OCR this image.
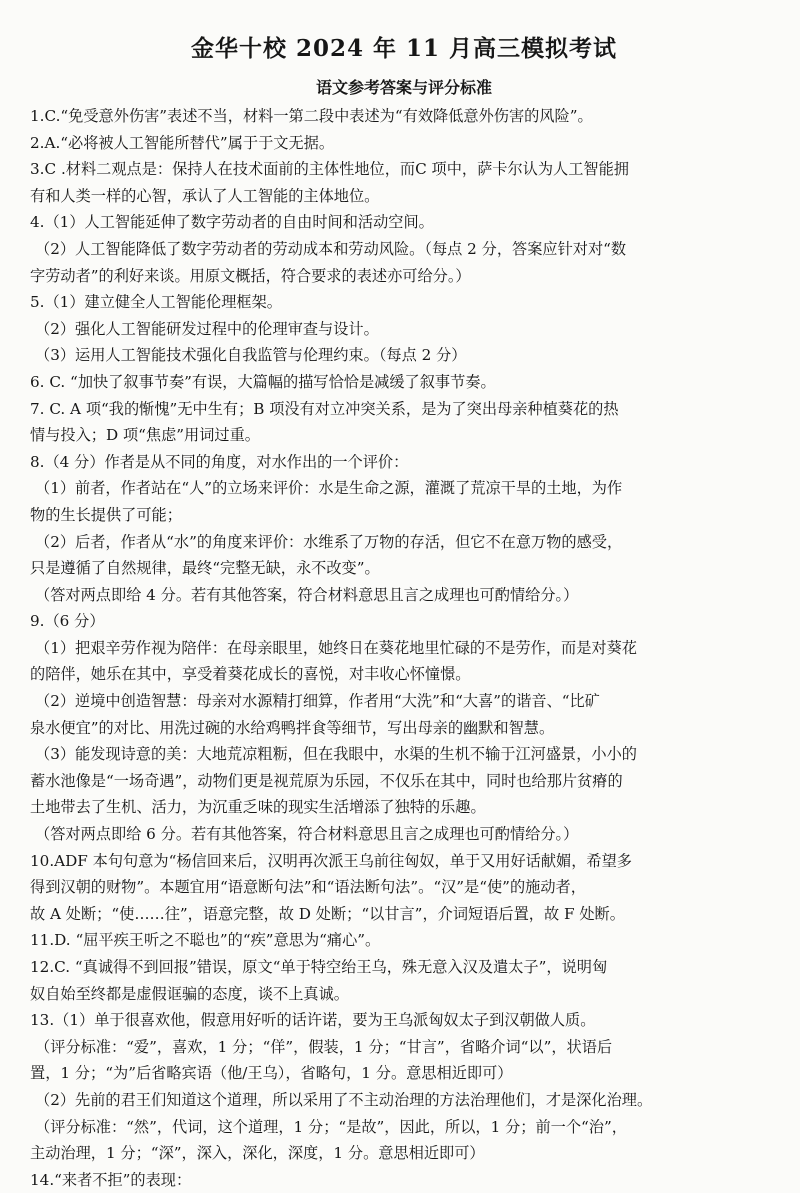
金华十校 2024 年 11 月高三模拟考试
语文参考答案与评分标准
1.C.“免受意外伤害”表述不当，材料一第二段中表述为“有效降低意外伤害的风险”。
2.A.“必将被人工智能所替代”属于于文无据。
3.C .材料二观点是：保持人在技术面前的主体性地位，而C 项中，萨卡尔认为人工智能拥
有和人类一样的心智，承认了人工智能的主体地位。
4.（1）人工智能延伸了数字劳动者的自由时间和活动空间。
（2）人工智能降低了数字劳动者的劳动成本和劳动风险。（每点 2 分，答案应针对对“数
字劳动者”的利好来谈。用原文概括，符合要求的表述亦可给分。）
5.（1）建立健全人工智能伦理框架。
（2）强化人工智能研发过程中的伦理审查与设计。
（3）运用人工智能技术强化自我监管与伦理约束。（每点 2 分）
6. C. “加快了叙事节奏”有误，大篇幅的描写恰恰是减缓了叙事节奏。
7. C. A 项“我的惭愧”无中生有；B 项没有对立冲突关系，是为了突出母亲种植葵花的热
情与投入；D 项“焦虑”用词过重。
8.（4 分）作者是从不同的角度，对水作出的一个评价：
（1）前者，作者站在“人”的立场来评价：水是生命之源，灌溉了荒凉干旱的土地，为作
物的生长提供了可能；
（2）后者，作者从“水”的角度来评价：水维系了万物的存活，但它不在意万物的感受，
只是遵循了自然规律，最终“完整无缺，永不改变”。
（答对两点即给 4 分。若有其他答案，符合材料意思且言之成理也可酌情给分。）
9.（6 分）
（1）把艰辛劳作视为陪伴：在母亲眼里，她终日在葵花地里忙碌的不是劳作，而是对葵花
的陪伴，她乐在其中，享受着葵花成长的喜悦，对丰收心怀憧憬。
（2）逆境中创造智慧：母亲对水源精打细算，作者用“大洗”和“大喜”的谐音、“比矿
泉水便宜”的对比、用洗过碗的水给鸡鸭拌食等细节，写出母亲的幽默和智慧。
（3）能发现诗意的美：大地荒凉粗粝，但在我眼中，水渠的生机不输于江河盛景，小小的
蓄水池像是“一场奇遇”，动物们更是视荒原为乐园，不仅乐在其中，同时也给那片贫瘠的
土地带去了生机、活力，为沉重乏味的现实生活增添了独特的乐趣。
（答对两点即给 6 分。若有其他答案，符合材料意思且言之成理也可酌情给分。）
10.ADF 本句句意为“杨信回来后，汉明再次派王乌前往匈奴，单于又用好话献媚，希望多
得到汉朝的财物”。本题宜用“语意断句法”和“语法断句法”。“汉”是“使”的施动者，
故 A 处断；“使……往”，语意完整，故 D 处断；“以甘言”，介词短语后置，故 F 处断。
11.D. “屈平疾王听之不聪也”的“疾”意思为“痛心”。
12.C. “真诚得不到回报”错误，原文“单于特空绐王乌，殊无意入汉及遣太子”，说明匈
奴自始至终都是虚假诓骗的态度，谈不上真诚。
13.（1）单于很喜欢他，假意用好听的话许诺，要为王乌派匈奴太子到汉朝做人质。
（评分标准：“爱”，喜欢，1 分；“佯”，假装，1 分；“甘言”，省略介词“以”，状语后
置，1 分；“为”后省略宾语（他/王乌），省略句，1 分。意思相近即可）
（2）先前的君王们知道这个道理，所以采用了不主动治理的方法治理他们，才是深化治理。
（评分标准：“然”，代词，这个道理，1 分；“是故”，因此，所以，1 分；前一个“治”，
主动治理，1 分；“深”，深入，深化，深度，1 分。意思相近即可）
14.“来者不拒”的表现：
